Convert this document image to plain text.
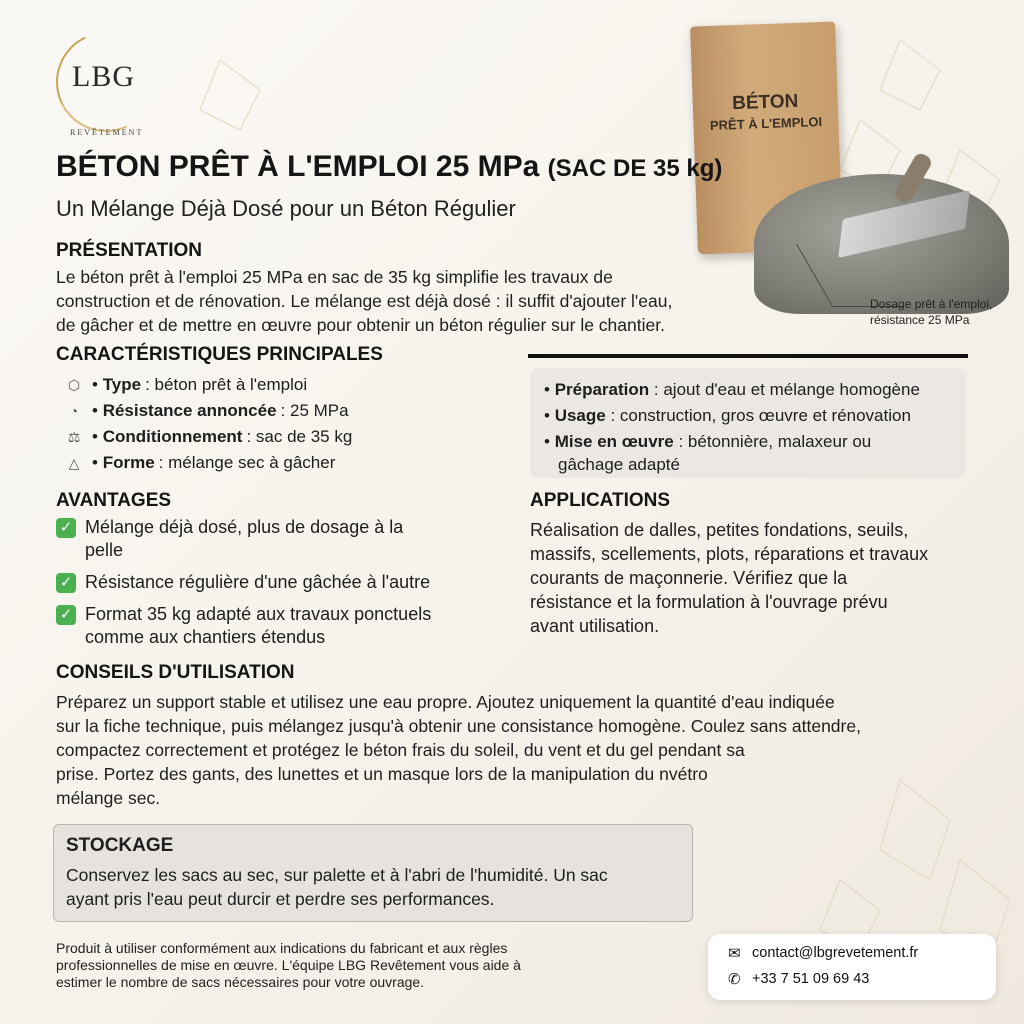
LBG
REVÊTEMENT
BÉTON
PRÊT À L'EMPLOI
Dosage prêt à l'emploi,
résistance 25 MPa
BÉTON PRÊT À L'EMPLOI 25 MPa (SAC DE 35 kg)
Un Mélange Déjà Dosé pour un Béton Régulier
PRÉSENTATION
Le béton prêt à l'emploi 25 MPa en sac de 35 kg simplifie les travaux de
construction et de rénovation. Le mélange est déjà dosé : il suffit d'ajouter l'eau,
de gâcher et de mettre en œuvre pour obtenir un béton régulier sur le chantier.
CARACTÉRISTIQUES PRINCIPALES
⬡ • Type : béton prêt à l'emploi
◔ • Résistance annoncée : 25 MPa
⚖ • Conditionnement : sac de 35 kg
△ • Forme : mélange sec à gâcher
• Préparation : ajout d'eau et mélange homogène
• Usage : construction, gros œuvre et rénovation
• Mise en œuvre : bétonnière, malaxeur ou
gâchage adapté
AVANTAGES
✓ Mélange déjà dosé, plus de dosage à la
pelle
✓ Résistance régulière d'une gâchée à l'autre
✓ Format 35 kg adapté aux travaux ponctuels
comme aux chantiers étendus
APPLICATIONS
Réalisation de dalles, petites fondations, seuils,
massifs, scellements, plots, réparations et travaux
courants de maçonnerie. Vérifiez que la
résistance et la formulation à l'ouvrage prévu
avant utilisation.
CONSEILS D'UTILISATION
Préparez un support stable et utilisez une eau propre. Ajoutez uniquement la quantité d'eau indiquée
sur la fiche technique, puis mélangez jusqu'à obtenir une consistance homogène. Coulez sans attendre,
compactez correctement et protégez le béton frais du soleil, du vent et du gel pendant sa
prise. Portez des gants, des lunettes et un masque lors de la manipulation du nvétro
mélange sec.
STOCKAGE
Conservez les sacs au sec, sur palette et à l'abri de l'humidité. Un sac
ayant pris l'eau peut durcir et perdre ses performances.
Produit à utiliser conformément aux indications du fabricant et aux règles
professionnelles de mise en œuvre. L'équipe LBG Revêtement vous aide à
estimer le nombre de sacs nécessaires pour votre ouvrage.
✉ contact@lbgrevetement.fr
✆ +33 7 51 09 69 43
